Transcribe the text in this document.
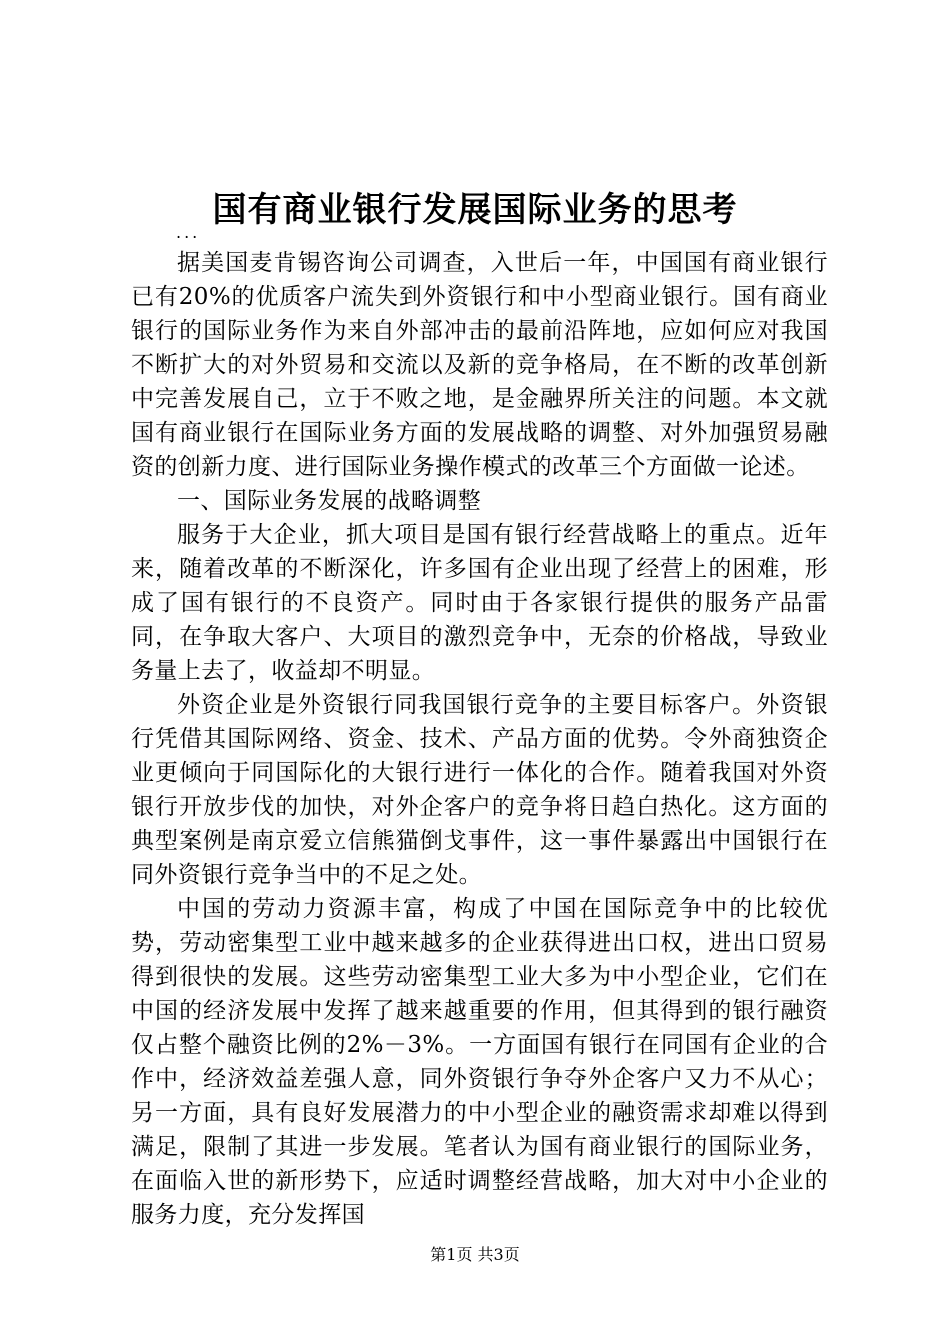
国有商业银行发展国际业务的思考
...

据美国麦肯锡咨询公司调查，入世后一年，中国国有商业银行已有20%的优质客户流失到外资银行和中小型商业银行。国有商业银行的国际业务作为来自外部冲击的最前沿阵地，应如何应对我国不断扩大的对外贸易和交流以及新的竞争格局，在不断的改革创新中完善发展自己，立于不败之地，是金融界所关注的问题。本文就国有商业银行在国际业务方面的发展战略的调整、对外加强贸易融资的创新力度、进行国际业务操作模式的改革三个方面做一论述。

一、国际业务发展的战略调整

服务于大企业，抓大项目是国有银行经营战略上的重点。近年来，随着改革的不断深化，许多国有企业出现了经营上的困难，形成了国有银行的不良资产。同时由于各家银行提供的服务产品雷同，在争取大客户、大项目的激烈竞争中，无奈的价格战，导致业务量上去了，收益却不明显。

外资企业是外资银行同我国银行竞争的主要目标客户。外资银行凭借其国际网络、资金、技术、产品方面的优势。令外商独资企业更倾向于同国际化的大银行进行一体化的合作。随着我国对外资银行开放步伐的加快，对外企客户的竞争将日趋白热化。这方面的典型案例是南京爱立信熊猫倒戈事件，这一事件暴露出中国银行在同外资银行竞争当中的不足之处。

中国的劳动力资源丰富，构成了中国在国际竞争中的比较优势，劳动密集型工业中越来越多的企业获得进出口权，进出口贸易得到很快的发展。这些劳动密集型工业大多为中小型企业，它们在中国的经济发展中发挥了越来越重要的作用，但其得到的银行融资仅占整个融资比例的2%－3%。一方面国有银行在同国有企业的合作中，经济效益差强人意，同外资银行争夺外企客户又力不从心；另一方面，具有良好发展潜力的中小型企业的融资需求却难以得到满足，限制了其进一步发展。笔者认为国有商业银行的国际业务，在面临入世的新形势下，应适时调整经营战略，加大对中小企业的服务力度，充分发挥国

第1页 共3页
